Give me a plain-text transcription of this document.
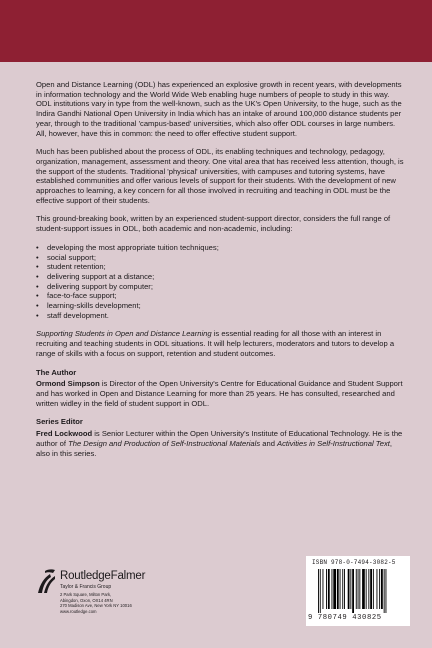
Open and Distance Learning (ODL) has experienced an explosive growth in recent years, with developments in information technology and the World Wide Web enabling huge numbers of people to study in this way. ODL institutions vary in type from the well-known, such as the UK's Open University, to the huge, such as the Indira Gandhi National Open University in India which has an intake of around 100,000 distance students per year, through to the traditional 'campus-based' universities, which also offer ODL courses in large numbers. All, however, have this in common: the need to offer effective student support.

Much has been published about the process of ODL, its enabling techniques and technology, pedagogy, organization, management, assessment and theory. One vital area that has received less attention, though, is the support of the students. Traditional 'physical' universities, with campuses and tutoring systems, have established communities and offer various levels of support for their students. With the development of new approaches to learning, a key concern for all those involved in recruiting and teaching in ODL must be the effective support of their students.

This ground-breaking book, written by an experienced student-support director, considers the full range of student-support issues in ODL, both academic and non-academic, including:

• developing the most appropriate tuition techniques;
• social support;
• student retention;
• delivering support at a distance;
• delivering support by computer;
• face-to-face support;
• learning-skills development;
• staff development.

Supporting Students in Open and Distance Learning is essential reading for all those with an interest in recruiting and teaching students in ODL situations. It will help lecturers, moderators and tutors to develop a range of skills with a focus on support, retention and student outcomes.

The Author

Ormond Simpson is Director of the Open University's Centre for Educational Guidance and Student Support and has worked in Open and Distance Learning for more than 25 years. He has consulted, researched and written widley in the field of student support in ODL.

Series Editor

Fred Lockwood is Senior Lecturer within the Open University's Institute of Educational Technology. He is the author of The Design and Production of Self-Instructional Materials and Activities in Self-Instructional Text, also in this series.

RoutledgeFalmer
Taylor & Francis Group
2 Park Square, Milton Park,
Abingdon, Oxon, OX14 4RN
270 Madison Ave, New York NY 10016
www.routledge.com
ISBN 978-0-7494-3082-5
9 780749 430825
